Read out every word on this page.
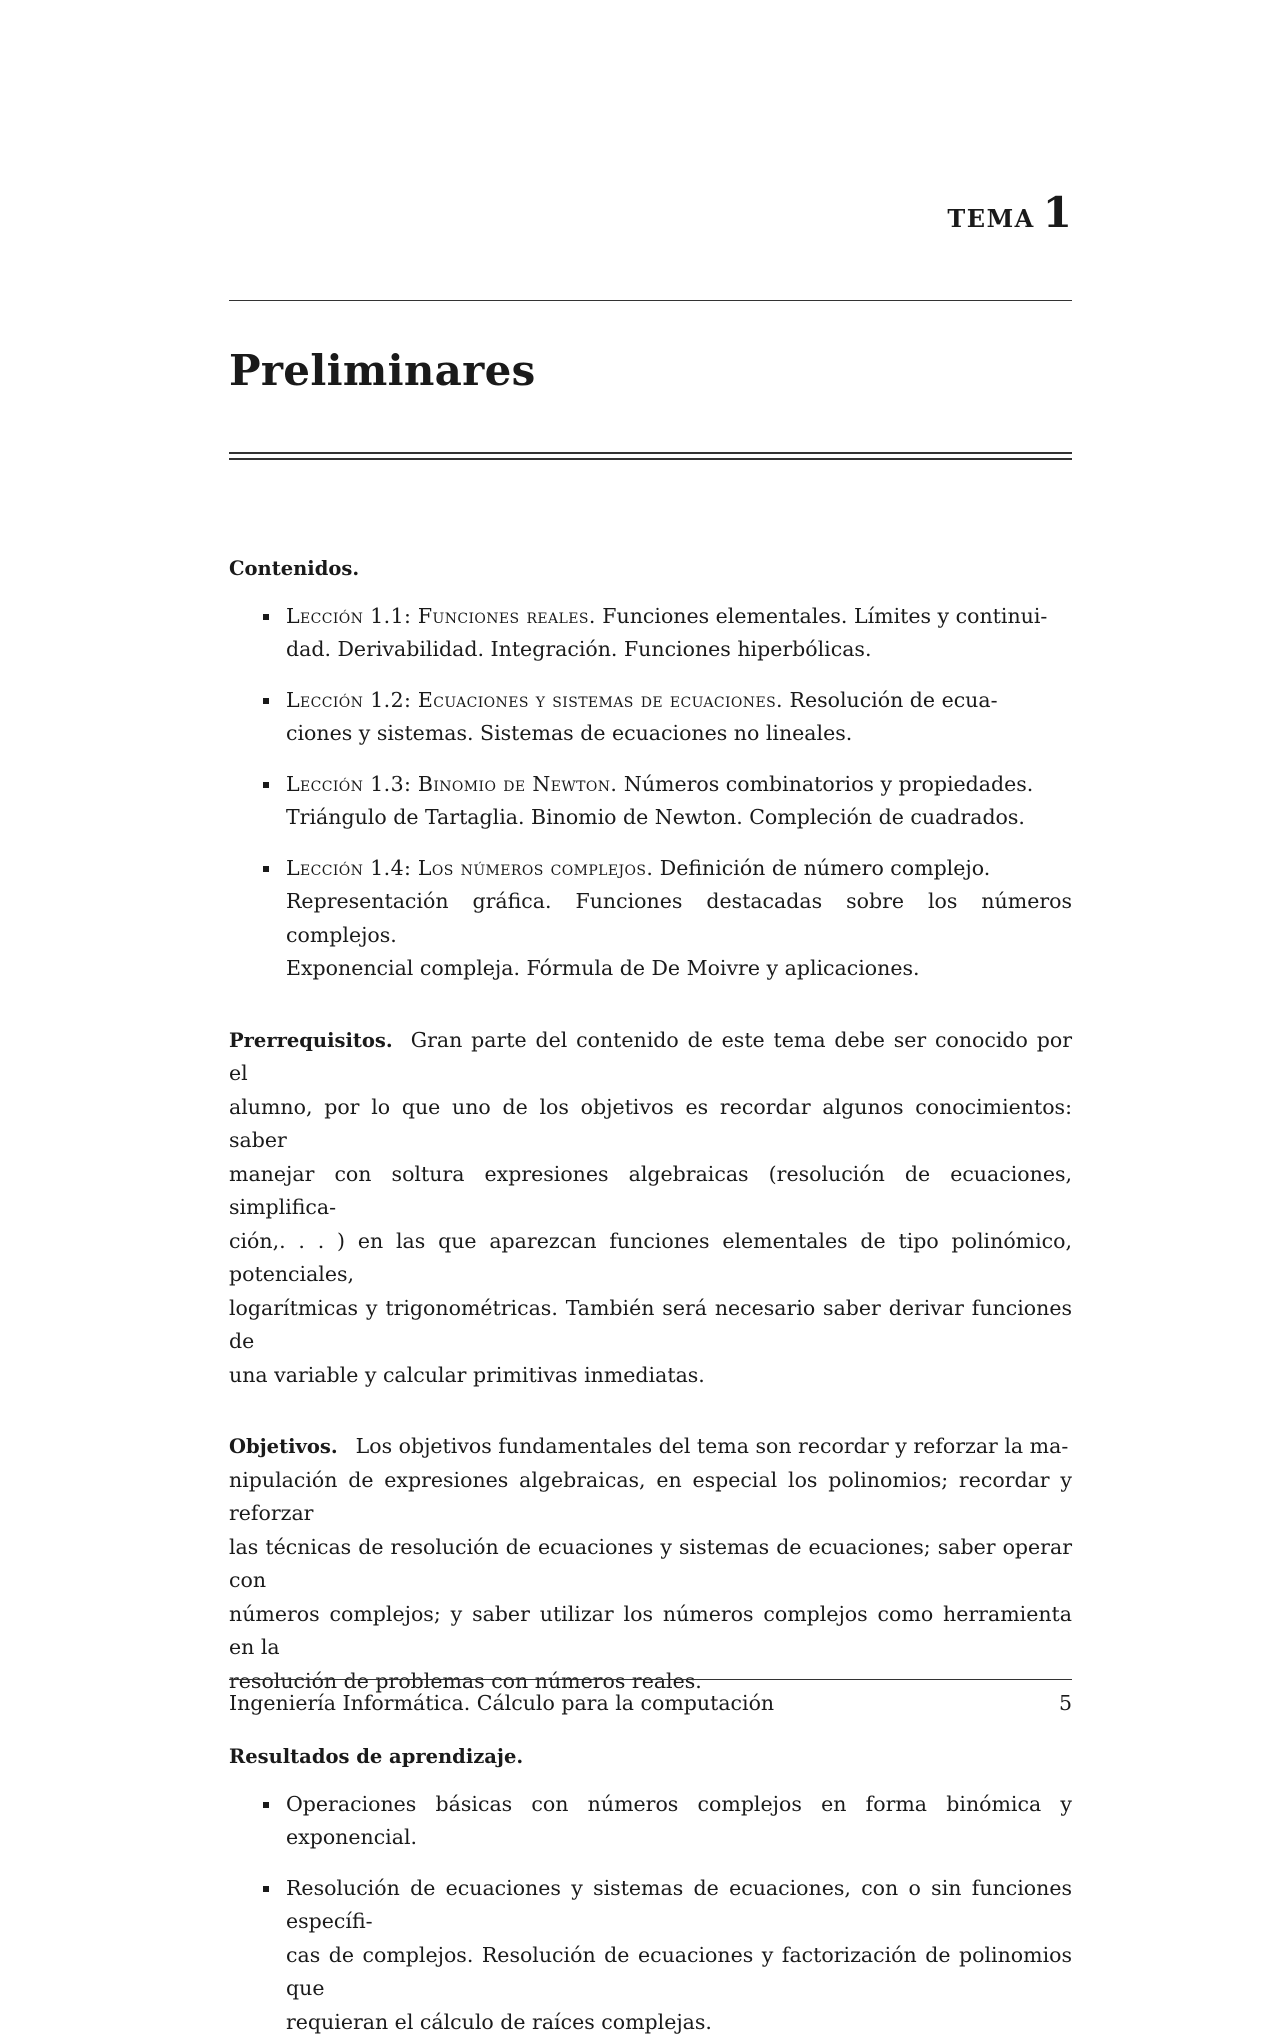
TEMA 1
Preliminares
Contenidos.
Lección 1.1: Funciones reales. Funciones elementales. Límites y continui-
dad. Derivabilidad. Integración. Funciones hiperbólicas.
Lección 1.2: Ecuaciones y sistemas de ecuaciones. Resolución de ecua-
ciones y sistemas. Sistemas de ecuaciones no lineales.
Lección 1.3: Binomio de Newton. Números combinatorios y propiedades.
Triángulo de Tartaglia. Binomio de Newton. Compleción de cuadrados.
Lección 1.4: Los números complejos. Definición de número complejo.
Representación gráfica. Funciones destacadas sobre los números complejos.
Exponencial compleja. Fórmula de De Moivre y aplicaciones.
Prerrequisitos. Gran parte del contenido de este tema debe ser conocido por el
alumno, por lo que uno de los objetivos es recordar algunos conocimientos: saber
manejar con soltura expresiones algebraicas (resolución de ecuaciones, simplifica-
ción,. . . ) en las que aparezcan funciones elementales de tipo polinómico, potenciales,
logarítmicas y trigonométricas. También será necesario saber derivar funciones de
una variable y calcular primitivas inmediatas.
Objetivos. Los objetivos fundamentales del tema son recordar y reforzar la ma-
nipulación de expresiones algebraicas, en especial los polinomios; recordar y reforzar
las técnicas de resolución de ecuaciones y sistemas de ecuaciones; saber operar con
números complejos; y saber utilizar los números complejos como herramienta en la
resolución de problemas con números reales.
Resultados de aprendizaje.
Operaciones básicas con números complejos en forma binómica y exponencial.
Resolución de ecuaciones y sistemas de ecuaciones, con o sin funciones específi-
cas de complejos. Resolución de ecuaciones y factorización de polinomios que
requieran el cálculo de raíces complejas.
Ingeniería Informática. Cálculo para la computación	5
